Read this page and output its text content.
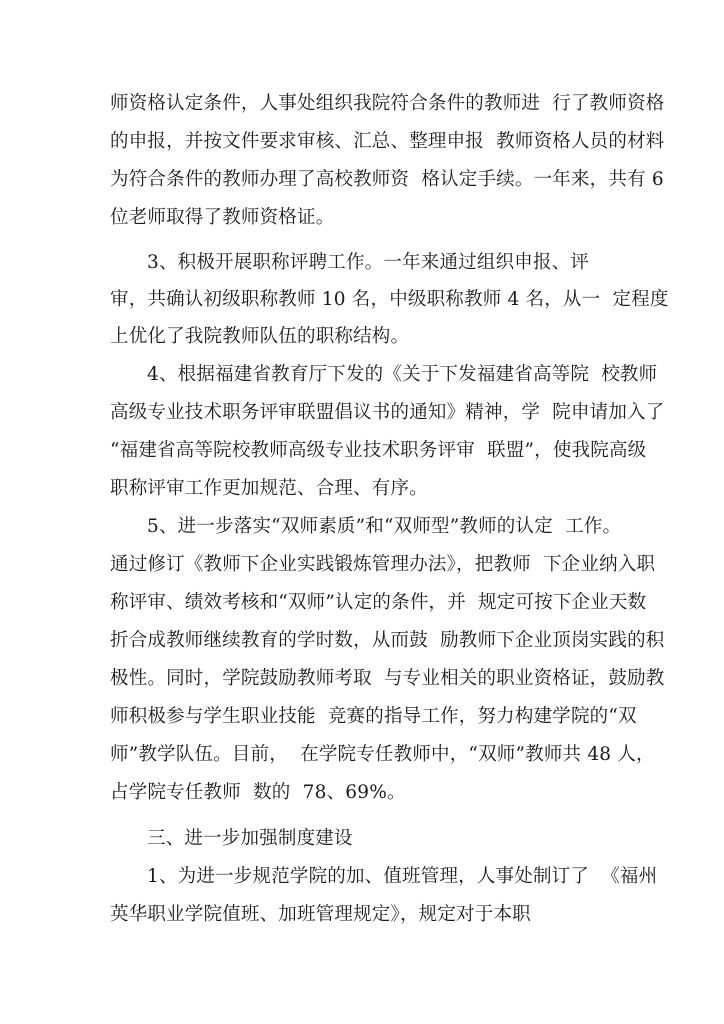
师资格认定条件，人事处组织我院符合条件的教师进  行了教师资格
的申报，并按文件要求审核、汇总、整理申报  教师资格人员的材料
为符合条件的教师办理了高校教师资  格认定手续。一年来，共有 6
位老师取得了教师资格证。
3、积极开展职称评聘工作。一年来通过组织申报、评
审，共确认初级职称教师 10 名，中级职称教师 4 名，从一  定程度
上优化了我院教师队伍的职称结构。
4、根据福建省教育厅下发的《关于下发福建省高等院  校教师
高级专业技术职务评审联盟倡议书的通知》精神，学  院申请加入了
“福建省高等院校教师高级专业技术职务评审  联盟”，使我院高级
职称评审工作更加规范、合理、有序。
5、进一步落实“双师素质”和“双师型”教师的认定  工作。
通过修订《教师下企业实践锻炼管理办法》，把教师  下企业纳入职
称评审、绩效考核和“双师”认定的条件，并  规定可按下企业天数
折合成教师继续教育的学时数，从而鼓  励教师下企业顶岗实践的积
极性。同时，学院鼓励教师考取  与专业相关的职业资格证，鼓励教
师积极参与学生职业技能  竞赛的指导工作，努力构建学院的“双
师”教学队伍。目前，  在学院专任教师中，“双师”教师共 48 人，
占学院专任教师  数的  78、69%。
三、进一步加强制度建设
1、为进一步规范学院的加、值班管理，人事处制订了  《福州
英华职业学院值班、加班管理规定》，规定对于本职
